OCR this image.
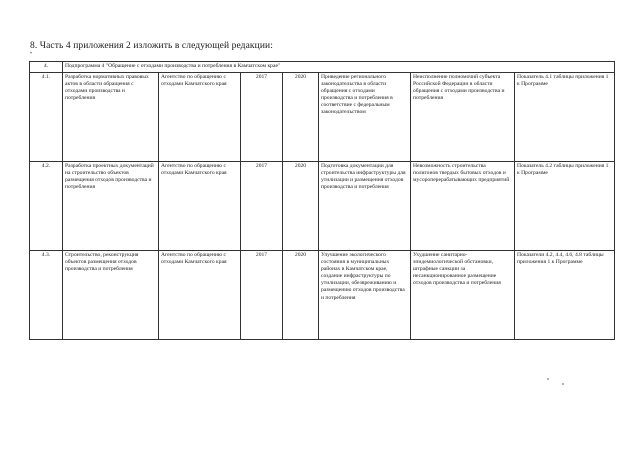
8. Часть 4 приложения 2 изложить в следующей редакции:
"
4.	Подпрограмма 4 "Обращение с отходами производства и потребления в Камчатском крае"						
4.1.	Разработка нормативных правовых актов в области обращения с отходами производства и потребления	Агентство по обращению с отходами Камчатского края	2017	2020	Приведение регионального законодательства в области обращения с отходами производства и потребления в соответствие с федеральным законодательством	Неисполнение полномочий субъекта Российской Федерации в области обращения с отходами производства и потребления	Показатель 4.1 таблицы приложения 1 к Программе
4.2.	Разработка проектных документаций на строительство объектов размещения отходов производства и потребления	Агентство по обращению с отходами Камчатского края	2017	2020	Подготовка документации для строительства инфраструктуры для утилизации и размещения отходов производства и потребления	Невозможность строительства полигонов твердых бытовых отходов и мусороперерабатывающих предприятий	Показатель 4.2 таблицы приложения 1 к Программе
4.3.	Строительство, реконструкция объектов размещения отходов производства и потребления	Агентство по обращению с отходами Камчатского края	2017	2020	Улучшение экологического состояния в муниципальных районах в Камчатском крае, создание инфраструктуры по утилизации, обезвреживанию и размещению отходов производства и потребления	Ухудшение санитарно-эпидемиологической обстановки, штрафные санкции за несанкционированное размещение отходов производства и потребления	Показатели 4.2, 4.4, 4.6, 4.8 таблицы приложения 1 к Программе
